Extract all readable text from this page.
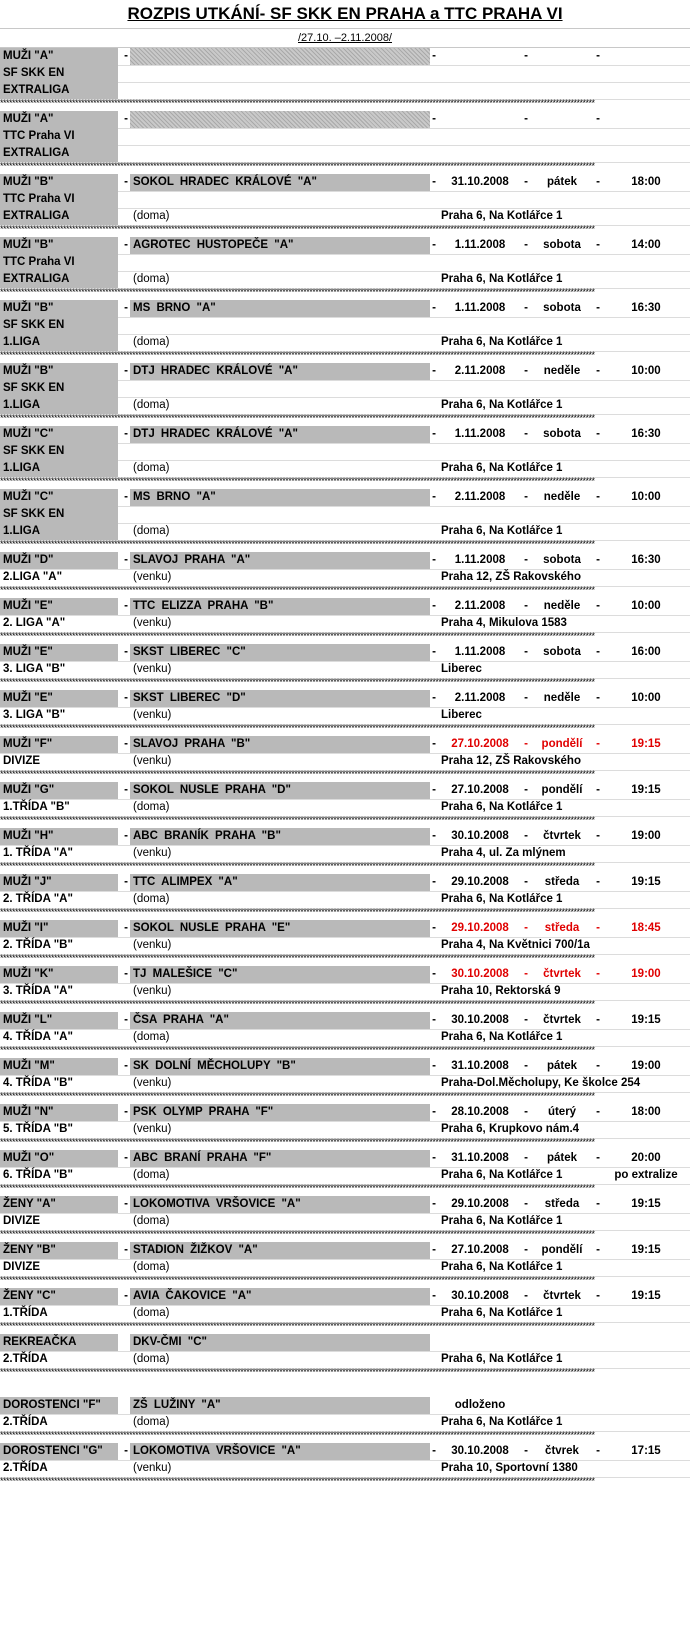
ROZPIS UTKÁNÍ- SF SKK EN PRAHA a TTC PRAHA VI
/27.10. –2.11.2008/
MUŽI "A"	-	-	-	-
SF SKK EN
EXTRALIGA
******************************************************************************************************************************************************************************************************
MUŽI "A"	-	-	-	-
TTC Praha VI
EXTRALIGA
******************************************************************************************************************************************************************************************************
MUŽI "B"	- SOKOL HRADEC KRÁLOVÉ "A"	-	31.10.2008	-	pátek	-	18:00
TTC Praha VI
EXTRALIGA	(doma)	Praha 6, Na Kotlářce 1
******************************************************************************************************************************************************************************************************
MUŽI "B"	- AGROTEC HUSTOPEČE "A"	-	1.11.2008	-	sobota	-	14:00
TTC Praha VI
EXTRALIGA	(doma)	Praha 6, Na Kotlářce 1
******************************************************************************************************************************************************************************************************
MUŽI "B"	- MS BRNO "A"	-	1.11.2008	-	sobota	-	16:30
SF SKK EN
1.LIGA	(doma)	Praha 6, Na Kotlářce 1
******************************************************************************************************************************************************************************************************
MUŽI "B"	- DTJ HRADEC KRÁLOVÉ "A"	-	2.11.2008	-	neděle	-	10:00
SF SKK EN
1.LIGA	(doma)	Praha 6, Na Kotlářce 1
******************************************************************************************************************************************************************************************************
MUŽI "C"	- DTJ HRADEC KRÁLOVÉ "A"	-	1.11.2008	-	sobota	-	16:30
SF SKK EN
1.LIGA	(doma)	Praha 6, Na Kotlářce 1
******************************************************************************************************************************************************************************************************
MUŽI "C"	- MS BRNO "A"	-	2.11.2008	-	neděle	-	10:00
SF SKK EN
1.LIGA	(doma)	Praha 6, Na Kotlářce 1
******************************************************************************************************************************************************************************************************
MUŽI "D"	- SLAVOJ PRAHA "A"	-	1.11.2008	-	sobota	-	16:30
2.LIGA "A"	(venku)	Praha 12, ZŠ Rakovského
******************************************************************************************************************************************************************************************************
MUŽI "E"	- TTC ELIZZA PRAHA "B"	-	2.11.2008	-	neděle	-	10:00
2. LIGA "A"	(venku)	Praha 4, Mikulova 1583
******************************************************************************************************************************************************************************************************
MUŽI "E"	- SKST LIBEREC "C"	-	1.11.2008	-	sobota	-	16:00
3. LIGA "B"	(venku)	Liberec
******************************************************************************************************************************************************************************************************
MUŽI "E"	- SKST LIBEREC "D"	-	2.11.2008	-	neděle	-	10:00
3. LIGA "B"	(venku)	Liberec
******************************************************************************************************************************************************************************************************
MUŽI "F"	- SLAVOJ PRAHA "B"	-	27.10.2008	-	pondělí	-	19:15
DIVIZE	(venku)	Praha 12, ZŠ Rakovského
******************************************************************************************************************************************************************************************************
MUŽI "G"	- SOKOL NUSLE PRAHA "D"	-	27.10.2008	-	pondělí	-	19:15
1.TŘÍDA "B"	(doma)	Praha 6, Na Kotlářce 1
******************************************************************************************************************************************************************************************************
MUŽI "H"	- ABC BRANÍK PRAHA "B"	-	30.10.2008	-	čtvrtek	-	19:00
1. TŘÍDA "A"	(venku)	Praha 4, ul. Za mlýnem
******************************************************************************************************************************************************************************************************
MUŽI "J"	- TTC ALIMPEX "A"	-	29.10.2008	-	středa	-	19:15
2. TŘÍDA "A"	(doma)	Praha 6, Na Kotlářce 1
******************************************************************************************************************************************************************************************************
MUŽI "I"	- SOKOL NUSLE PRAHA "E"	-	29.10.2008	-	středa	-	18:45
2. TŘÍDA "B"	(venku)	Praha 4, Na Květnici 700/1a
******************************************************************************************************************************************************************************************************
MUŽI "K"	- TJ MALEŠICE "C"	-	30.10.2008	-	čtvrtek	-	19:00
3. TŘÍDA "A"	(venku)	Praha 10, Rektorská 9
******************************************************************************************************************************************************************************************************
MUŽI "L"	- ČSA PRAHA "A"	-	30.10.2008	-	čtvrtek	-	19:15
4. TŘÍDA "A"	(doma)	Praha 6, Na Kotlářce 1
******************************************************************************************************************************************************************************************************
MUŽI "M"	- SK DOLNÍ MĚCHOLUPY "B"	-	31.10.2008	-	pátek	-	19:00
4. TŘÍDA "B"	(venku)	Praha-Dol.Měcholupy, Ke školce 254
******************************************************************************************************************************************************************************************************
MUŽI "N"	- PSK OLYMP PRAHA "F"	-	28.10.2008	-	úterý	-	18:00
5. TŘÍDA "B"	(venku)	Praha 6, Krupkovo nám.4
******************************************************************************************************************************************************************************************************
MUŽI "O"	- ABC BRANÍ PRAHA "F"	-	31.10.2008	-	pátek	-	20:00
6. TŘÍDA "B"	(doma)	Praha 6, Na Kotlářce 1	po extralize
******************************************************************************************************************************************************************************************************
ŽENY "A"	- LOKOMOTIVA VRŠOVICE "A"	-	29.10.2008	-	středa	-	19:15
DIVIZE	(doma)	Praha 6, Na Kotlářce 1
******************************************************************************************************************************************************************************************************
ŽENY "B"	- STADION ŽIŽKOV "A"	-	27.10.2008	-	pondělí	-	19:15
DIVIZE	(doma)	Praha 6, Na Kotlářce 1
******************************************************************************************************************************************************************************************************
ŽENY "C"	- AVIA ČAKOVICE "A"	-	30.10.2008	-	čtvrtek	-	19:15
1.TŘÍDA	(doma)	Praha 6, Na Kotlářce 1
******************************************************************************************************************************************************************************************************
REKREAČKA	DKV-ČMI "C"
2.TŘÍDA	(doma)	Praha 6, Na Kotlářce 1
******************************************************************************************************************************************************************************************************
DOROSTENCI "F"	ZŠ LUŽINY "A"	odloženo
2.TŘÍDA	(doma)	Praha 6, Na Kotlářce 1
******************************************************************************************************************************************************************************************************
DOROSTENCI "G"	- LOKOMOTIVA VRŠOVICE "A"	-	30.10.2008	-	čtvrek	-	17:15
2.TŘÍDA	(venku)	Praha 10, Sportovní 1380
******************************************************************************************************************************************************************************************************
